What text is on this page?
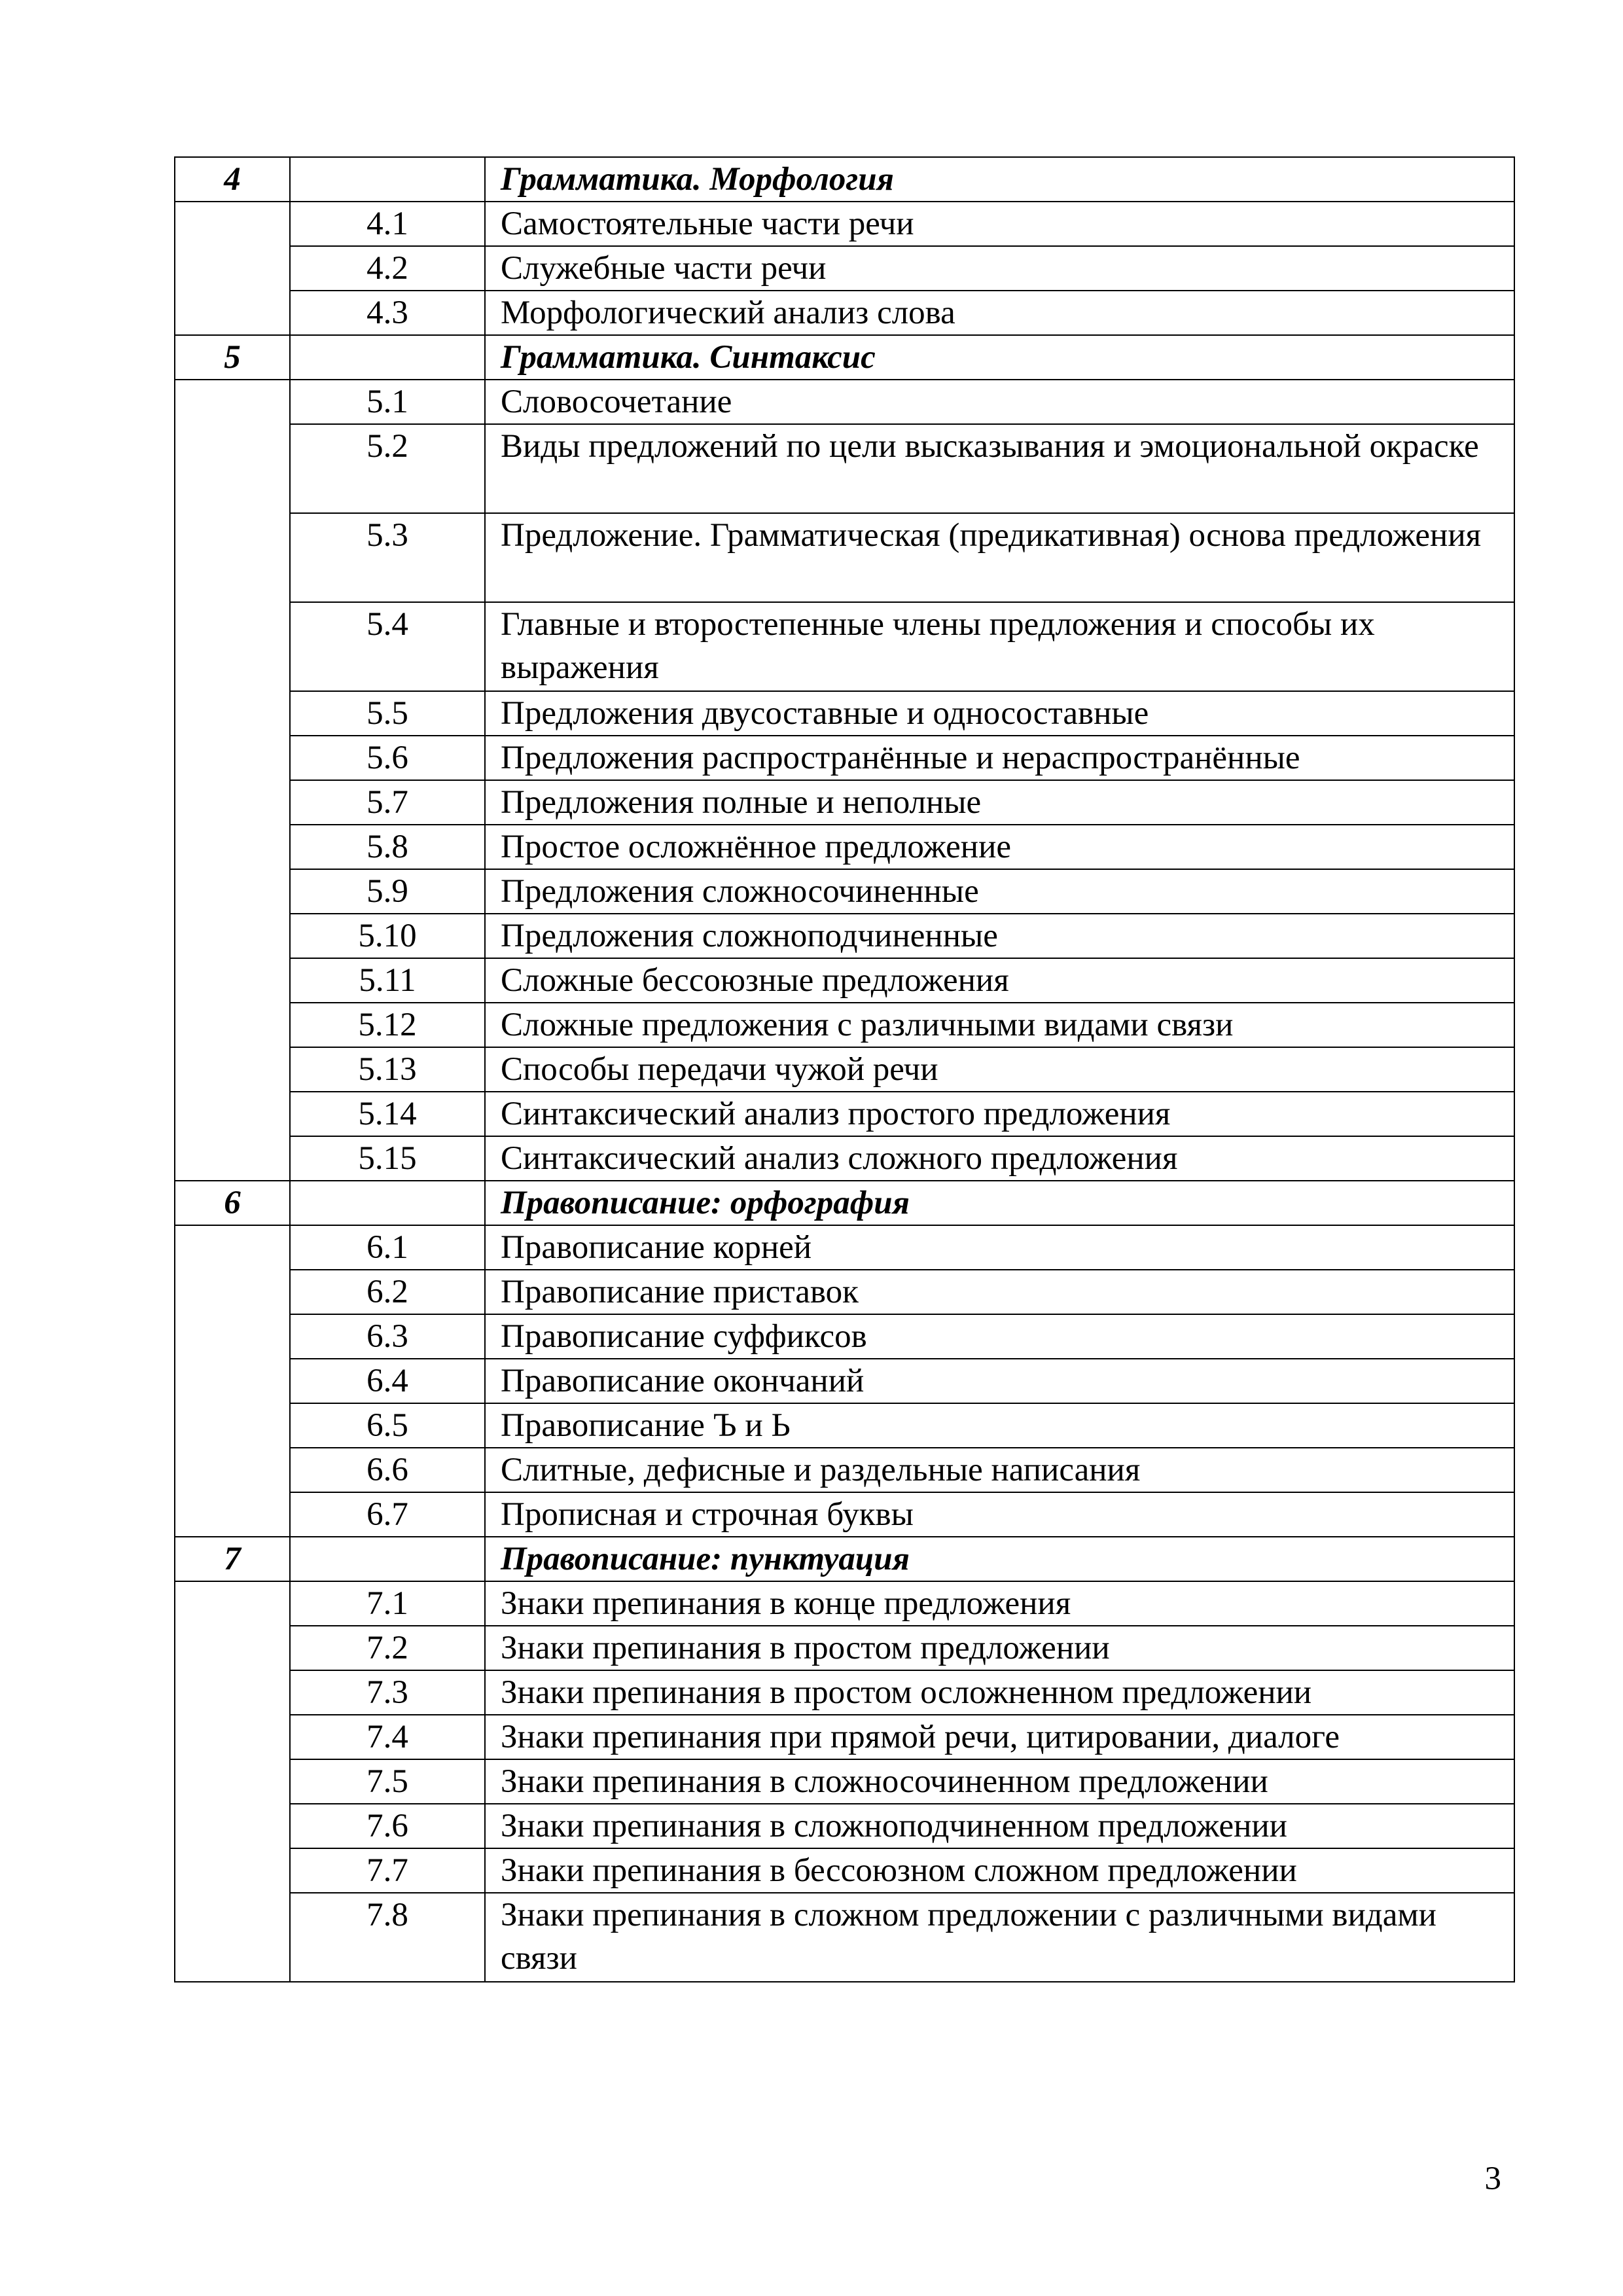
4		Грамматика. Морфология
	4.1	Самостоятельные части речи
	4.2	Служебные части речи
	4.3	Морфологический анализ слова
5		Грамматика. Синтаксис
	5.1	Словосочетание
	5.2	Виды предложений по цели высказывания и эмоциональной окраске
	5.3	Предложение. Грамматическая (предикативная) основа предложения
	5.4	Главные и второстепенные члены предложения и способы их выражения
	5.5	Предложения двусоставные и односоставные
	5.6	Предложения распространённые и нераспространённые
	5.7	Предложения полные и неполные
	5.8	Простое осложнённое предложение
	5.9	Предложения сложносочиненные
	5.10	Предложения сложноподчиненные
	5.11	Сложные бессоюзные предложения
	5.12	Сложные предложения с различными видами связи
	5.13	Способы передачи чужой речи
	5.14	Синтаксический анализ простого предложения
	5.15	Синтаксический анализ сложного предложения
6		Правописание: орфография
	6.1	Правописание корней
	6.2	Правописание приставок
	6.3	Правописание суффиксов
	6.4	Правописание окончаний
	6.5	Правописание Ъ и Ь
	6.6	Слитные, дефисные и раздельные написания
	6.7	Прописная и строчная буквы
7		Правописание: пунктуация
	7.1	Знаки препинания в конце предложения
	7.2	Знаки препинания в простом предложении
	7.3	Знаки препинания в простом осложненном предложении
	7.4	Знаки препинания при прямой речи, цитировании, диалоге
	7.5	Знаки препинания в сложносочиненном предложении
	7.6	Знаки препинания в сложноподчиненном предложении
	7.7	Знаки препинания в бессоюзном сложном предложении
	7.8	Знаки препинания в сложном предложении с различными видами связи
3
